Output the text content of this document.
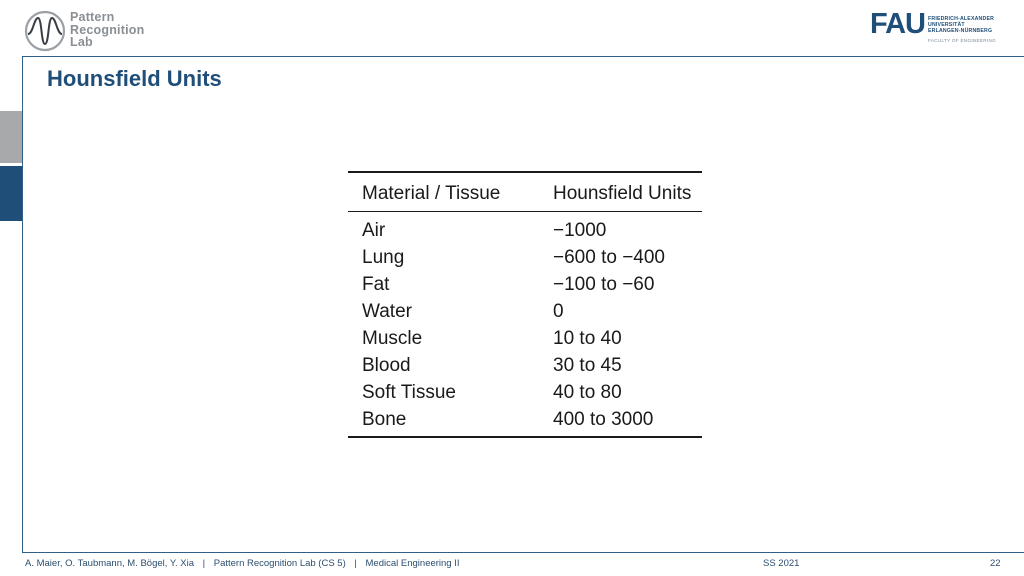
Pattern
Recognition
Lab
FAU FRIEDRICH-ALEXANDER
UNIVERSITÄT
ERLANGEN-NÜRNBERG
FACULTY OF ENGINEERING
Hounsfield Units
Material / Tissue	Hounsfield Units
Air	−1000
Lung	−600 to −400
Fat	−100 to −60
Water	0
Muscle	10 to 40
Blood	30 to 45
Soft Tissue	40 to 80
Bone	400 to 3000
A. Maier, O. Taubmann, M. Bögel, Y. Xia | Pattern Recognition Lab (CS 5) | Medical Engineering II	SS 2021	22
